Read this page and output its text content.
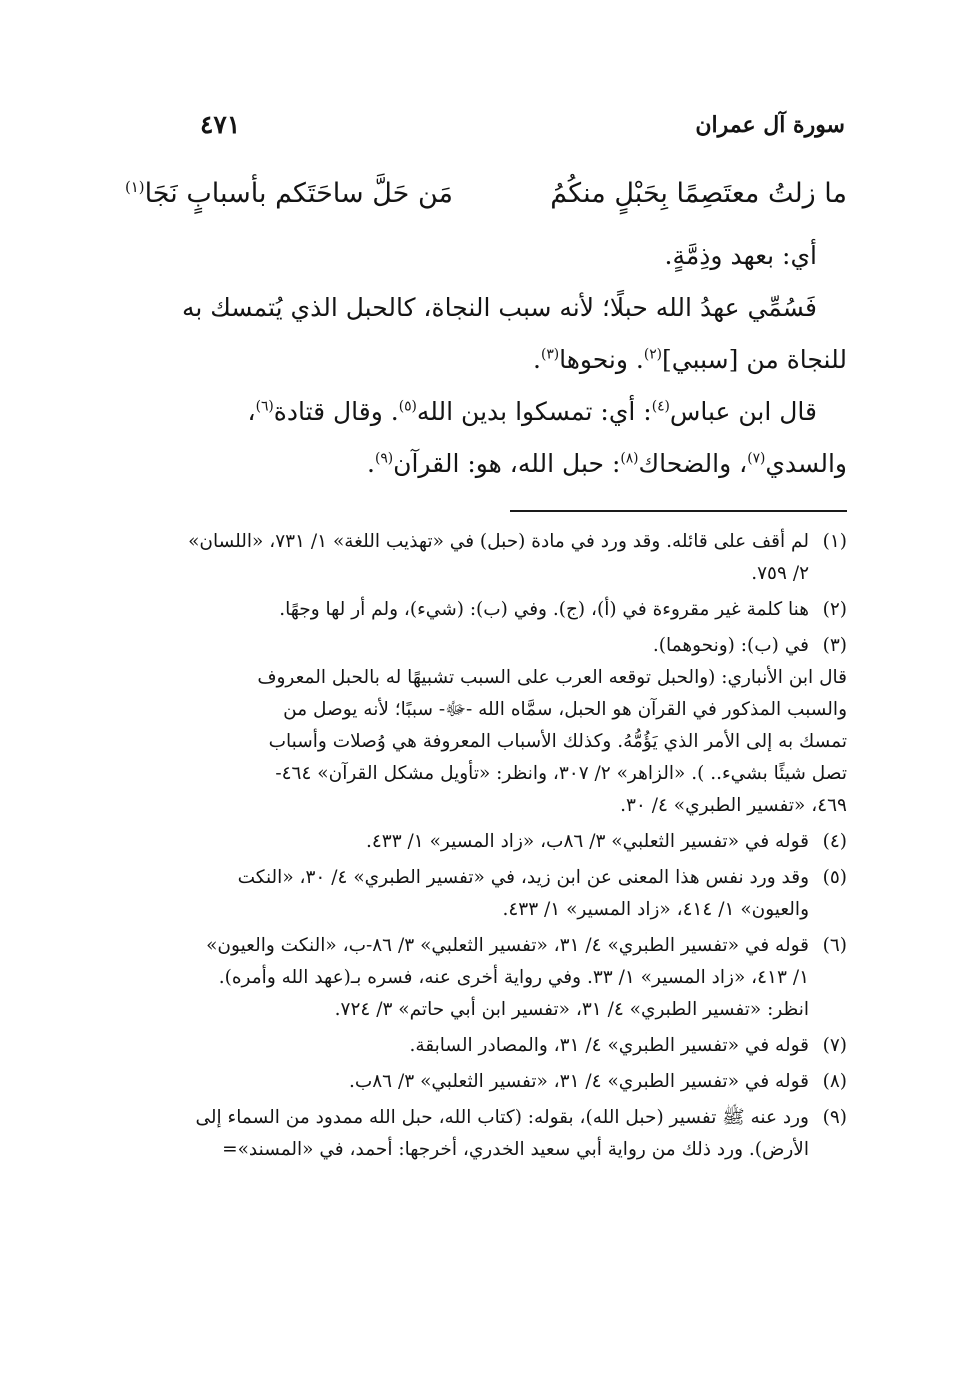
سورة آل عمران
٤٧١
ما زلتُ معتَصِمًا بِحَبْلٍ منكُمُ
مَن حَلَّ ساحَتَكم بأسبابٍ نَجَا$^{(١)}$

أي: بعهد وذِمَّةٍ.

فَسُمِّي عهدُ الله حبلًا؛ لأنه سبب النجاة، كالحبل الذي يُتمسك به

للنجاة من [سببي]$^{(٢)}$. ونحوها$^{(٣)}$.

قال ابن عباس$^{(٤)}$: أي: تمسكوا بدين الله$^{(٥)}$. وقال قتادة$^{(٦)}$،

والسدي$^{(٧)}$، والضحاك$^{(٨)}$: حبل الله، هو: القرآن$^{(٩)}$.

(١)
لم أقف على قائله. وقد ورد في مادة (حبل) في «تهذيب اللغة» ١/ ٧٣١، «اللسان»
٢/ ٧٥٩.
(٢)
هنا كلمة غير مقروءة في (أ)، (ج). وفي (ب): (شيء)، ولم أر لها وجهًا.
(٣)
في (ب): (ونحوهما).
قال ابن الأنباري: (والحبل توقعه العرب على السبب تشبيهًا له بالحبل المعروف
والسبب المذكور في القرآن هو الحبل، سمَّاه الله -ﷻ- سببًا؛ لأنه يوصل من
تمسك به إلى الأمر الذي يَؤُمُّهُ. وكذلك الأسباب المعروفة هي وُصلات وأسباب
تصل شيئًا بشيء.. ). «الزاهر» ٢/ ٣٠٧، وانظر: «تأويل مشكل القرآن» ٤٦٤-
٤٦٩، «تفسير الطبري» ٤/ ٣٠.
(٤)
قوله في «تفسير الثعلبي» ٣/ ٨٦ب، «زاد المسير» ١/ ٤٣٣.
(٥)
وقد ورد نفس هذا المعنى عن ابن زيد، في «تفسير الطبري» ٤/ ٣٠، «النكت
والعيون» ١/ ٤١٤، «زاد المسير» ١/ ٤٣٣.
(٦)
قوله في «تفسير الطبري» ٤/ ٣١، «تفسير الثعلبي» ٣/ ٨٦-ب، «النكت والعيون»
١/ ٤١٣، «زاد المسير» ١/ ٣٣. وفي رواية أخرى عنه، فسره بـ(عهد الله وأمره).
انظر: «تفسير الطبري» ٤/ ٣١، «تفسير ابن أبي حاتم» ٣/ ٧٢٤.
(٧)
قوله في «تفسير الطبري» ٤/ ٣١، والمصادر السابقة.
(٨)
قوله في «تفسير الطبري» ٤/ ٣١، «تفسير الثعلبي» ٣/ ٨٦ب.
(٩)
ورد عنه ﷺ تفسير (حبل الله)، بقوله: (كتاب الله، حبل الله ممدود من السماء إلى
الأرض). ورد ذلك من رواية أبي سعيد الخدري، أخرجها: أحمد، في «المسند»=
